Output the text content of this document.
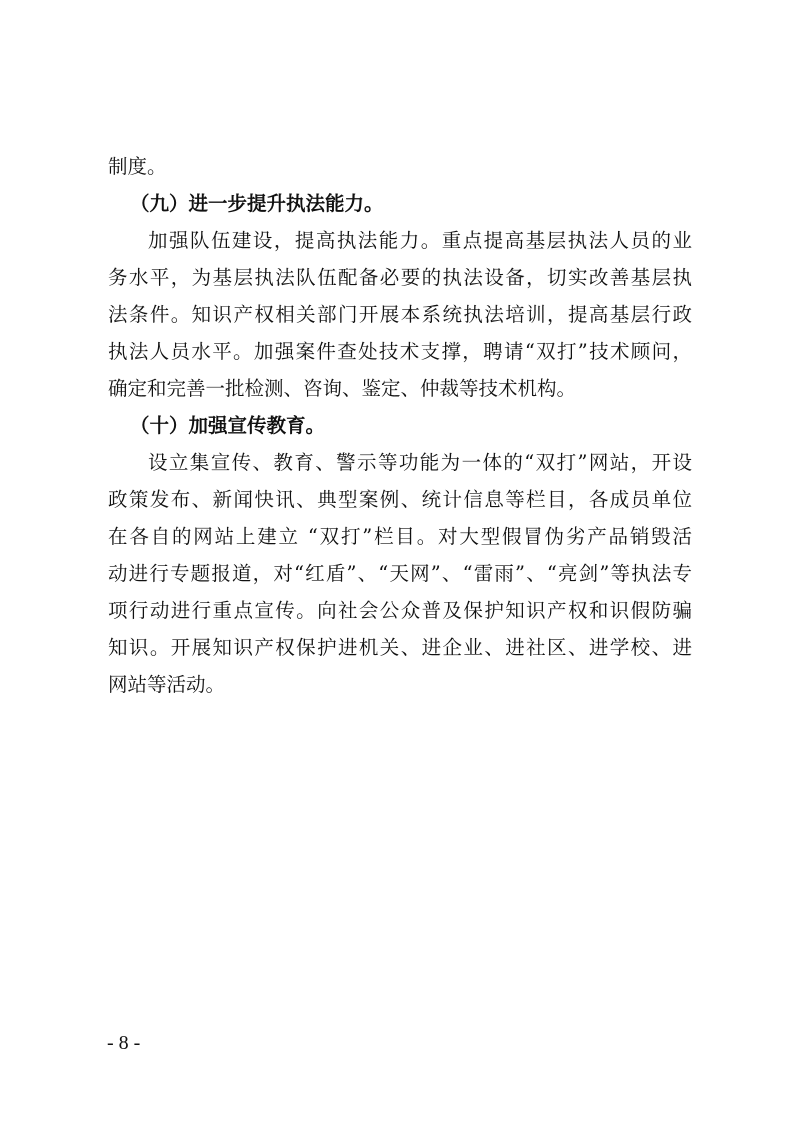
制度。
（九）进一步提升执法能力。
加强队伍建设，提高执法能力。重点提高基层执法人员的业
务水平，为基层执法队伍配备必要的执法设备，切实改善基层执
法条件。知识产权相关部门开展本系统执法培训，提高基层行政
执法人员水平。加强案件查处技术支撑，聘请“双打”技术顾问，
确定和完善一批检测、咨询、鉴定、仲裁等技术机构。
（十）加强宣传教育。
设立集宣传、教育、警示等功能为一体的“双打”网站，开设
政策发布、新闻快讯、典型案例、统计信息等栏目，各成员单位
在各自的网站上建立 “双打”栏目。对大型假冒伪劣产品销毁活
动进行专题报道，对“红盾”、“天网”、“雷雨”、“亮剑”等执法专
项行动进行重点宣传。向社会公众普及保护知识产权和识假防骗
知识。开展知识产权保护进机关、进企业、进社区、进学校、进
网站等活动。
- 8 -
